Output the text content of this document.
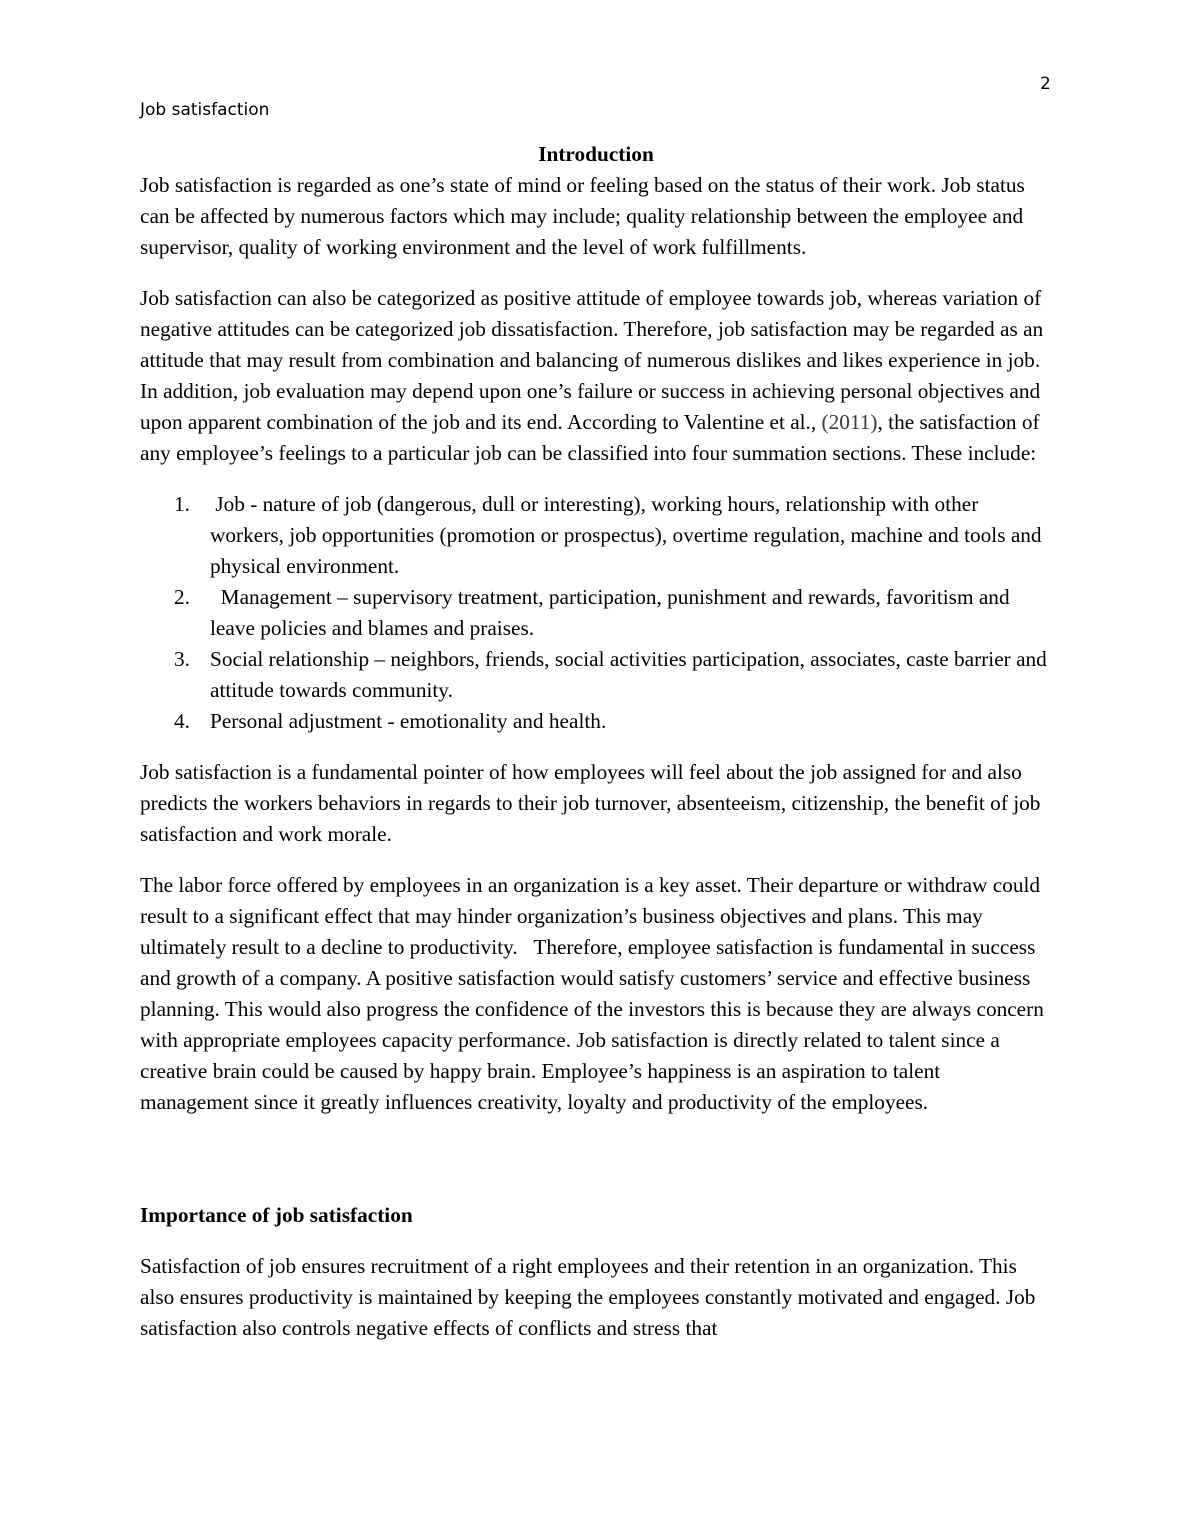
2
Job satisfaction
Introduction

Job satisfaction is regarded as one’s state of mind or feeling based on the status of their work. Job status can be affected by numerous factors which may include; quality relationship between the employee and supervisor, quality of working environment and the level of work fulfillments.

Job satisfaction can also be categorized as positive attitude of employee towards job, whereas variation of negative attitudes can be categorized job dissatisfaction. Therefore, job satisfaction may be regarded as an attitude that may result from combination and balancing of numerous dislikes and likes experience in job. In addition, job evaluation may depend upon one’s failure or success in achieving personal objectives and upon apparent combination of the job and its end. According to Valentine et al., (2011), the satisfaction of any employee’s feelings to a particular job can be classified into four summation sections. These include:

1. Job - nature of job (dangerous, dull or interesting), working hours, relationship with other workers, job opportunities (promotion or prospectus), overtime regulation, machine and tools and physical environment.
2. Management – supervisory treatment, participation, punishment and rewards, favoritism and leave policies and blames and praises.
3. Social relationship – neighbors, friends, social activities participation, associates, caste barrier and attitude towards community.
4. Personal adjustment - emotionality and health.

Job satisfaction is a fundamental pointer of how employees will feel about the job assigned for and also predicts the workers behaviors in regards to their job turnover, absenteeism, citizenship, the benefit of job satisfaction and work morale.

The labor force offered by employees in an organization is a key asset. Their departure or withdraw could result to a significant effect that may hinder organization’s business objectives and plans. This may ultimately result to a decline to productivity.   Therefore, employee satisfaction is fundamental in success and growth of a company. A positive satisfaction would satisfy customers’ service and effective business planning. This would also progress the confidence of the investors this is because they are always concern with appropriate employees capacity performance. Job satisfaction is directly related to talent since a creative brain could be caused by happy brain. Employee’s happiness is an aspiration to talent management since it greatly influences creativity, loyalty and productivity of the employees.

Importance of job satisfaction

Satisfaction of job ensures recruitment of a right employees and their retention in an organization. This also ensures productivity is maintained by keeping the employees constantly motivated and engaged. Job satisfaction also controls negative effects of conflicts and stress that
